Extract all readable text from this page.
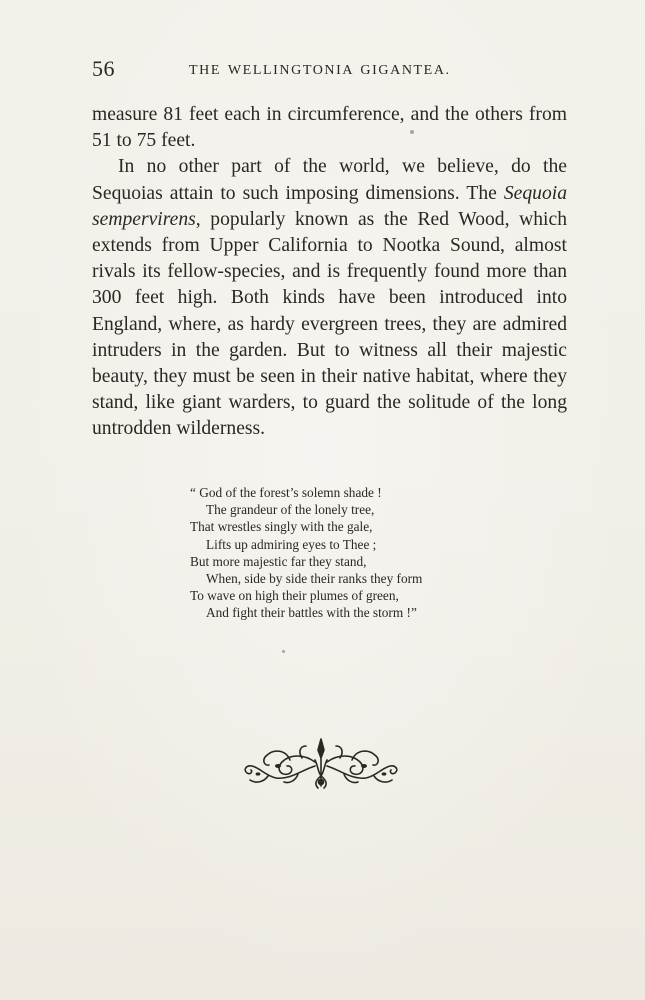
56	THE WELLINGTONIA GIGANTEA.

measure 81 feet each in circumference, and the others from 51 to 75 feet.

In no other part of the world, we believe, do the Sequoias attain to such imposing dimensions. The Sequoia sempervirens, popularly known as the Red Wood, which extends from Upper California to Nootka Sound, almost rivals its fellow-species, and is frequently found more than 300 feet high. Both kinds have been introduced into England, where, as hardy evergreen trees, they are admired intruders in the garden. But to witness all their majestic beauty, they must be seen in their native habitat, where they stand, like giant warders, to guard the solitude of the long untrodden wilderness.

“ God of the forest’s solemn shade !
The grandeur of the lonely tree,
That wrestles singly with the gale,
Lifts up admiring eyes to Thee ;
But more majestic far they stand,
When, side by side their ranks they form
To wave on high their plumes of green,
And fight their battles with the storm !”
